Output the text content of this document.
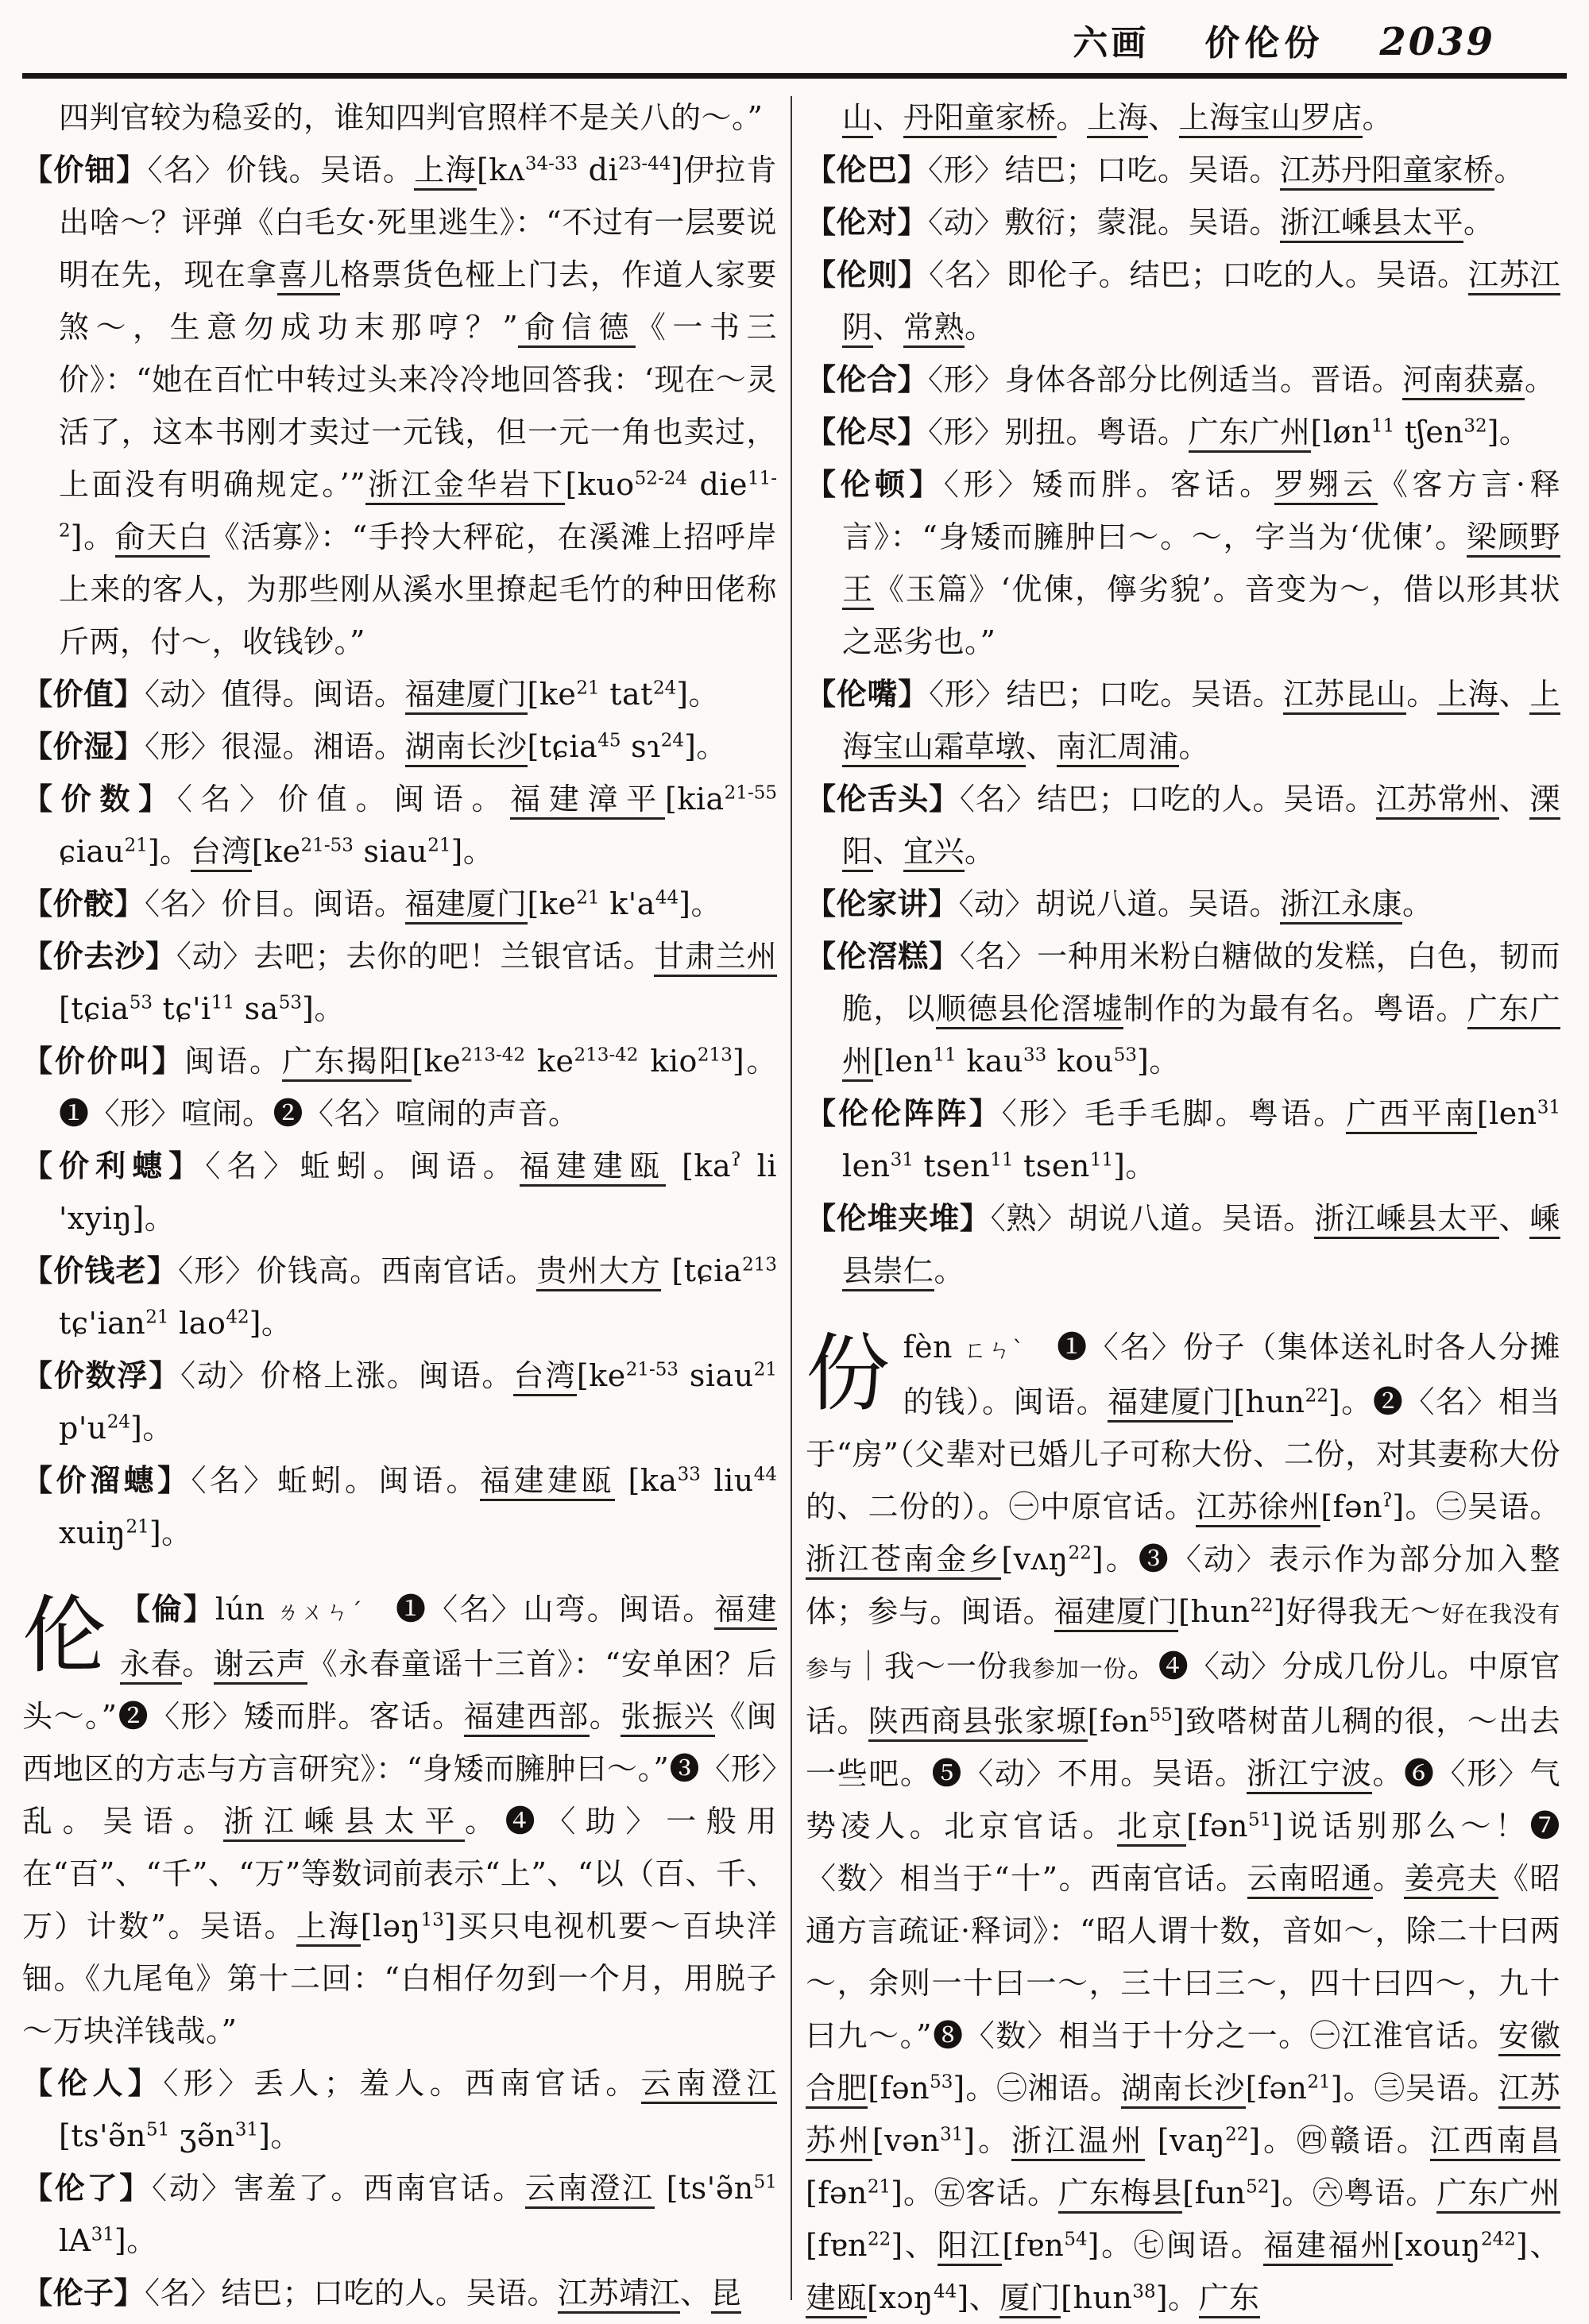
六画 价伦份 2039
四判官较为稳妥的，谁知四判官照样不是关八的～。”
【价钿】〈名〉价钱。吴语。上海[kʌ$^{34-33}$ $di^{23-44}$]伊拉肯出啥～？评弹《白毛女·死里逃生》：“不过有一层要说明在先，现在拿喜儿格票货色桠上门去，作道人家要煞～，生意勿成功末那哼？”俞信德《一书三价》：“她在百忙中转过头来冷冷地回答我：‘现在～灵活了，这本书刚才卖过一元钱，但一元一角也卖过，上面没有明确规定。’”浙江金华岩下[kuo$^{52-24}$ die$^{11-2}$]。俞天白《活寡》：“手拎大秤砣，在溪滩上招呼岸上来的客人，为那些刚从溪水里撩起毛竹的种田佬称斤两，付～，收钱钞。”
【价值】〈动〉值得。闽语。福建厦门[$ke^{21}$ tat$^{24}$]。
【价湿】〈形〉很湿。湘语。湖南长沙[tɕia$^{45}$ sɿ$^{24}$]。
【价数】〈名〉价值。闽语。福建漳平[kia$^{21-55}$ ɕiau$^{21}$]。台湾[$ke^{21-53}$ siau$^{21}$]。
【价骹】〈名〉价目。闽语。福建厦门[$ke^{21}$ $k'a^{44}$]。
【价去沙】〈动〉去吧；去你的吧！兰银官话。甘肃兰州[tɕia$^{53}$ $tɕ'i^{11}$ $sa^{53}$]。
【价价叫】闽语。广东揭阳[$ke^{213-42}$ $ke^{213-42}$ kio$^{213}$]。❶〈形〉喧闹。❷〈名〉喧闹的声音。
【价利蟪】〈名〉蚯蚓。闽语。福建建瓯 [$ka^ʔ$ li 'xyiŋ]。
【价钱老】〈形〉价钱高。西南官话。贵州大方 [tɕia$^{213}$ tɕ'ian$^{21}$ lao$^{42}$]。
【价数浮】〈动〉价格上涨。闽语。台湾[$ke^{21-53}$ siau$^{21}$ $p'u^{24}$]。
【价溜蟪】〈名〉蚯蚓。闽语。福建建瓯 [$ka^{33}$ liu$^{44}$ xuiŋ$^{21}$]。
伦 【倫】lún ㄌㄨㄣˊ　❶〈名〉山弯。闽语。福建永春。谢云声《永春童谣十三首》：“安单困？后头～。”❷〈形〉矮而胖。客话。福建西部。张振兴《闽西地区的方志与方言研究》：“身矮而臃肿曰～。”❸〈形〉乱。吴语。浙江嵊县太平。❹〈助〉一般用在“百”、“千”、“万”等数词前表示“上”、“以（百、千、万）计数”。吴语。上海[ləŋ$^{13}$]买只电视机要～百块洋钿。《九尾龟》第十二回：“白相仔勿到一个月，用脱子～万块洋钱哉。”
【伦人】〈形〉丢人；羞人。西南官话。云南澄江 [$ts'ə̃n^{51}$ $ʒə̃n^{31}$]。
【伦了】〈动〉害羞了。西南官话。云南澄江 [$ts'ə̃n^{51}$ $lA^{31}$]。
【伦子】〈名〉结巴；口吃的人。吴语。江苏靖江、昆
山、丹阳童家桥。上海、上海宝山罗店。
【伦巴】〈形〉结巴；口吃。吴语。江苏丹阳童家桥。
【伦对】〈动〉敷衍；蒙混。吴语。浙江嵊县太平。
【伦则】〈名〉即伦子。结巴；口吃的人。吴语。江苏江阴、常熟。
【伦合】〈形〉身体各部分比例适当。晋语。河南获嘉。
【伦尽】〈形〉别扭。粤语。广东广州[løn$^{11}$ tʃen$^{32}$]。
【伦顿】〈形〉矮而胖。客话。罗翙云《客方言·释言》：“身矮而臃肿曰～。～，字当为‘优倲’。梁顾野王《玉篇》‘优倲，儜劣貌’。音变为～，借以形其状之恶劣也。”
【伦嘴】〈形〉结巴；口吃。吴语。江苏昆山。上海、上海宝山霜草墩、南汇周浦。
【伦舌头】〈名〉结巴；口吃的人。吴语。江苏常州、溧阳、宜兴。
【伦家讲】〈动〉胡说八道。吴语。浙江永康。
【伦滘糕】〈名〉一种用米粉白糖做的发糕，白色，韧而脆，以顺德县伦滘墟制作的为最有名。粤语。广东广州[len$^{11}$ kau$^{33}$ kou$^{53}$]。
【伦伦阵阵】〈形〉毛手毛脚。粤语。广西平南[len$^{31}$ len$^{31}$ tsen$^{11}$ tsen$^{11}$]。
【伦堆夹堆】〈熟〉胡说八道。吴语。浙江嵊县太平、嵊县崇仁。
份fèn ㄈㄣˋ　❶〈名〉份子（集体送礼时各人分摊的钱）。闽语。福建厦门[hun$^{22}$]。❷〈名〉相当于“房”（父辈对已婚儿子可称大份、二份，对其妻称大份的、二份的）。㊀中原官话。江苏徐州[fən$^ʔ$]。㊁吴语。浙江苍南金乡[vʌŋ$^{22}$]。❸〈动〉表示作为部分加入整体；参与。闽语。福建厦门[hun$^{22}$]好得我无～好在我没有参与｜我～一份我参加一份。❹〈动〉分成几份儿。中原官话。陕西商县张家塬[fən$^{55}$]致嗒树苗儿稠的很，～出去一些吧。❺〈动〉不用。吴语。浙江宁波。❻〈形〉气势凌人。北京官话。北京[fən$^{51}$]说话别那么～！❼〈数〉相当于“十”。西南官话。云南昭通。姜亮夫《昭通方言疏证·释词》：“昭人谓十数，音如～，除二十曰两～，余则一十曰一～，三十曰三～，四十曰四～，九十曰九～。”❽〈数〉相当于十分之一。㊀江淮官话。安徽合肥[fən$^{53}$]。㊁湘语。湖南长沙[fən$^{21}$]。㊂吴语。江苏苏州[vən$^{31}$]。浙江温州 [vaŋ$^{22}$]。㊃赣语。江西南昌[fən$^{21}$]。㊄客话。广东梅县[fun$^{52}$]。㊅粤语。广东广州[fɐn$^{22}$]、阳江[fɐn$^{54}$]。㊆闽语。福建福州[xouŋ$^{242}$]、建瓯[xɔŋ$^{44}$]、厦门[hun$^{38}$]。广东
